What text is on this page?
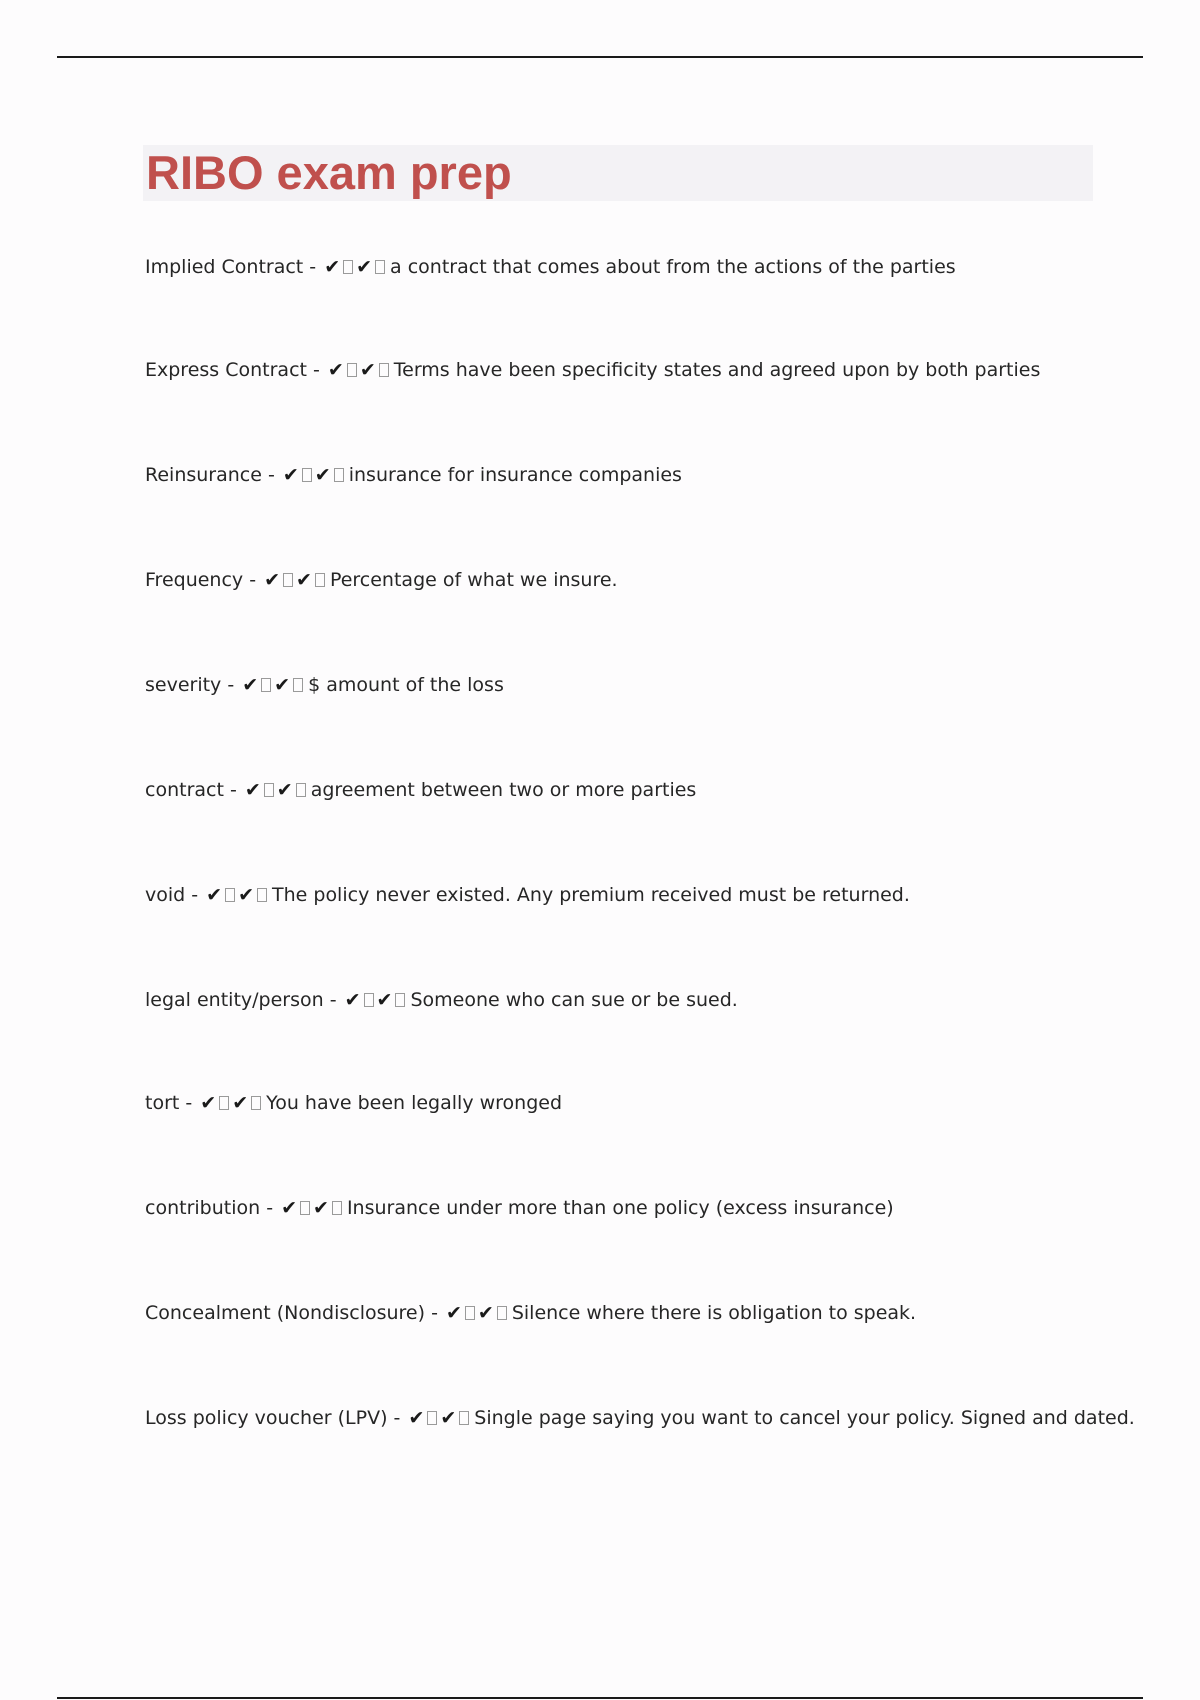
RIBO exam prep
Implied Contract - ✔ ✔ a contract that comes about from the actions of the parties
Express Contract - ✔ ✔ Terms have been specificity states and agreed upon by both parties
Reinsurance - ✔ ✔ insurance for insurance companies
Frequency - ✔ ✔ Percentage of what we insure.
severity - ✔ ✔ $ amount of the loss
contract - ✔ ✔ agreement between two or more parties
void - ✔ ✔ The policy never existed. Any premium received must be returned.
legal entity/person - ✔ ✔ Someone who can sue or be sued.
tort - ✔ ✔ You have been legally wronged
contribution - ✔ ✔ Insurance under more than one policy (excess insurance)
Concealment (Nondisclosure) - ✔ ✔ Silence where there is obligation to speak.
Loss policy voucher (LPV) - ✔ ✔ Single page saying you want to cancel your policy. Signed and dated.
